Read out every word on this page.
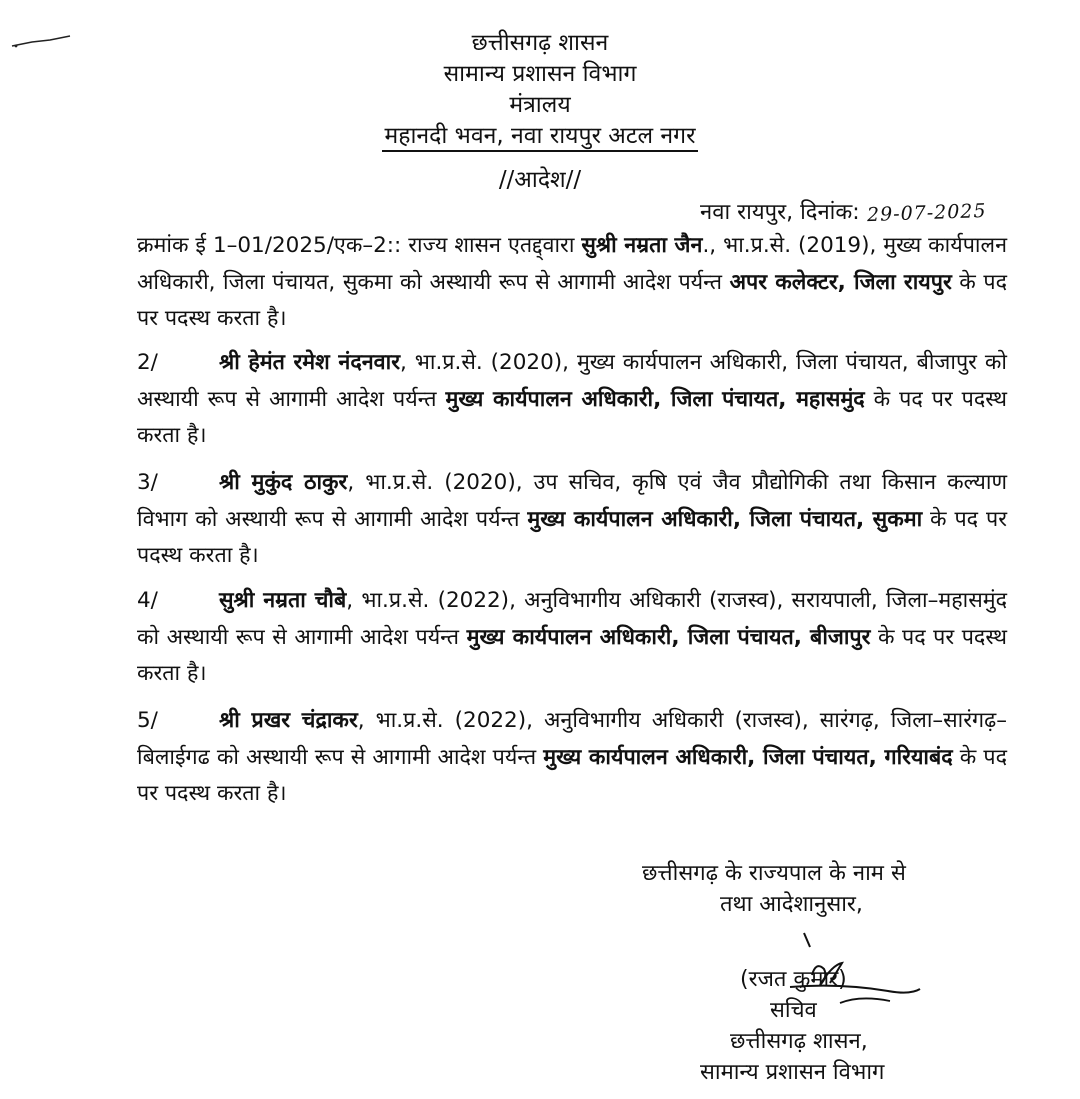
छत्तीसगढ़ शासन
सामान्य प्रशासन विभाग
मंत्रालय
महानदी भवन, नवा रायपुर अटल नगर
//आदेश//
नवा रायपुर, दिनांक: 29-07-2025
क्रमांक ई 1–01/2025/एक–2:: राज्य शासन एतद्द्वारा सुश्री नम्रता जैन., भा.प्र.से. (2019), मुख्य कार्यपालन अधिकारी, जिला पंचायत, सुकमा को अस्थायी रूप से आगामी आदेश पर्यन्त अपर कलेक्टर, जिला रायपुर के पद पर पदस्थ करता है।
2/	श्री हेमंत रमेश नंदनवार, भा.प्र.से. (2020), मुख्य कार्यपालन अधिकारी, जिला पंचायत, बीजापुर को अस्थायी रूप से आगामी आदेश पर्यन्त मुख्य कार्यपालन अधिकारी, जिला पंचायत, महासमुंद के पद पर पदस्थ करता है।
3/	श्री मुकुंद ठाकुर, भा.प्र.से. (2020), उप सचिव, कृषि एवं जैव प्रौद्योगिकी तथा किसान कल्याण विभाग को अस्थायी रूप से आगामी आदेश पर्यन्त मुख्य कार्यपालन अधिकारी, जिला पंचायत, सुकमा के पद पर पदस्थ करता है।
4/	सुश्री नम्रता चौबे, भा.प्र.से. (2022), अनुविभागीय अधिकारी (राजस्व), सरायपाली, जिला–महासमुंद को अस्थायी रूप से आगामी आदेश पर्यन्त मुख्य कार्यपालन अधिकारी, जिला पंचायत, बीजापुर के पद पर पदस्थ करता है।
5/	श्री प्रखर चंद्राकर, भा.प्र.से. (2022), अनुविभागीय अधिकारी (राजस्व), सारंगढ़, जिला–सारंगढ़–बिलाईगढ को अस्थायी रूप से आगामी आदेश पर्यन्त मुख्य कार्यपालन अधिकारी, जिला पंचायत, गरियाबंद के पद पर पदस्थ करता है।
छत्तीसगढ़ के राज्यपाल के नाम से
तथा आदेशानुसार,
(रजत कुमार)
सचिव
छत्तीसगढ़ शासन,
सामान्य प्रशासन विभाग
